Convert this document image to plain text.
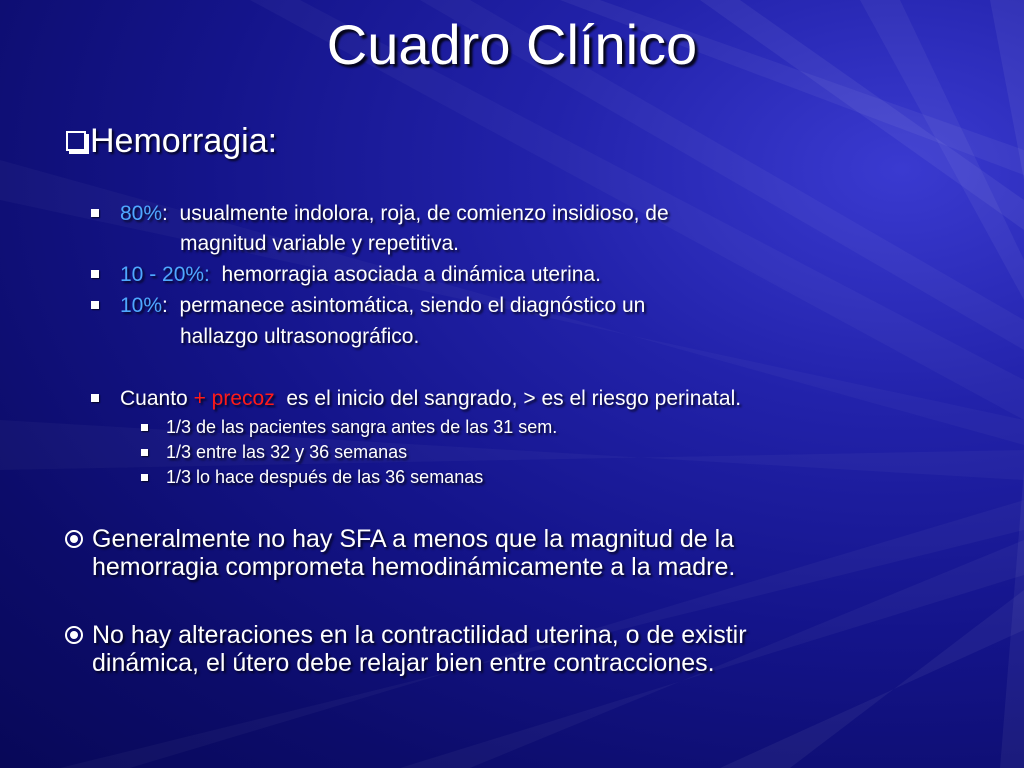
Cuadro Clínico
Hemorragia:
80%:  usualmente indolora, roja, de comienzo insidioso, de
magnitud variable y repetitiva.
10 - 20%:  hemorragia asociada a dinámica uterina.
10%:  permanece asintomática, siendo el diagnóstico un
hallazgo ultrasonográfico.
Cuanto + precoz  es el inicio del sangrado, > es el riesgo perinatal.
1/3 de las pacientes sangra antes de las 31 sem.
1/3 entre las 32 y 36 semanas
1/3 lo hace después de las 36 semanas
Generalmente no hay SFA a menos que la magnitud de la
hemorragia comprometa hemodinámicamente a la madre.
No hay alteraciones en la contractilidad uterina, o de existir
dinámica, el útero debe relajar bien entre contracciones.
